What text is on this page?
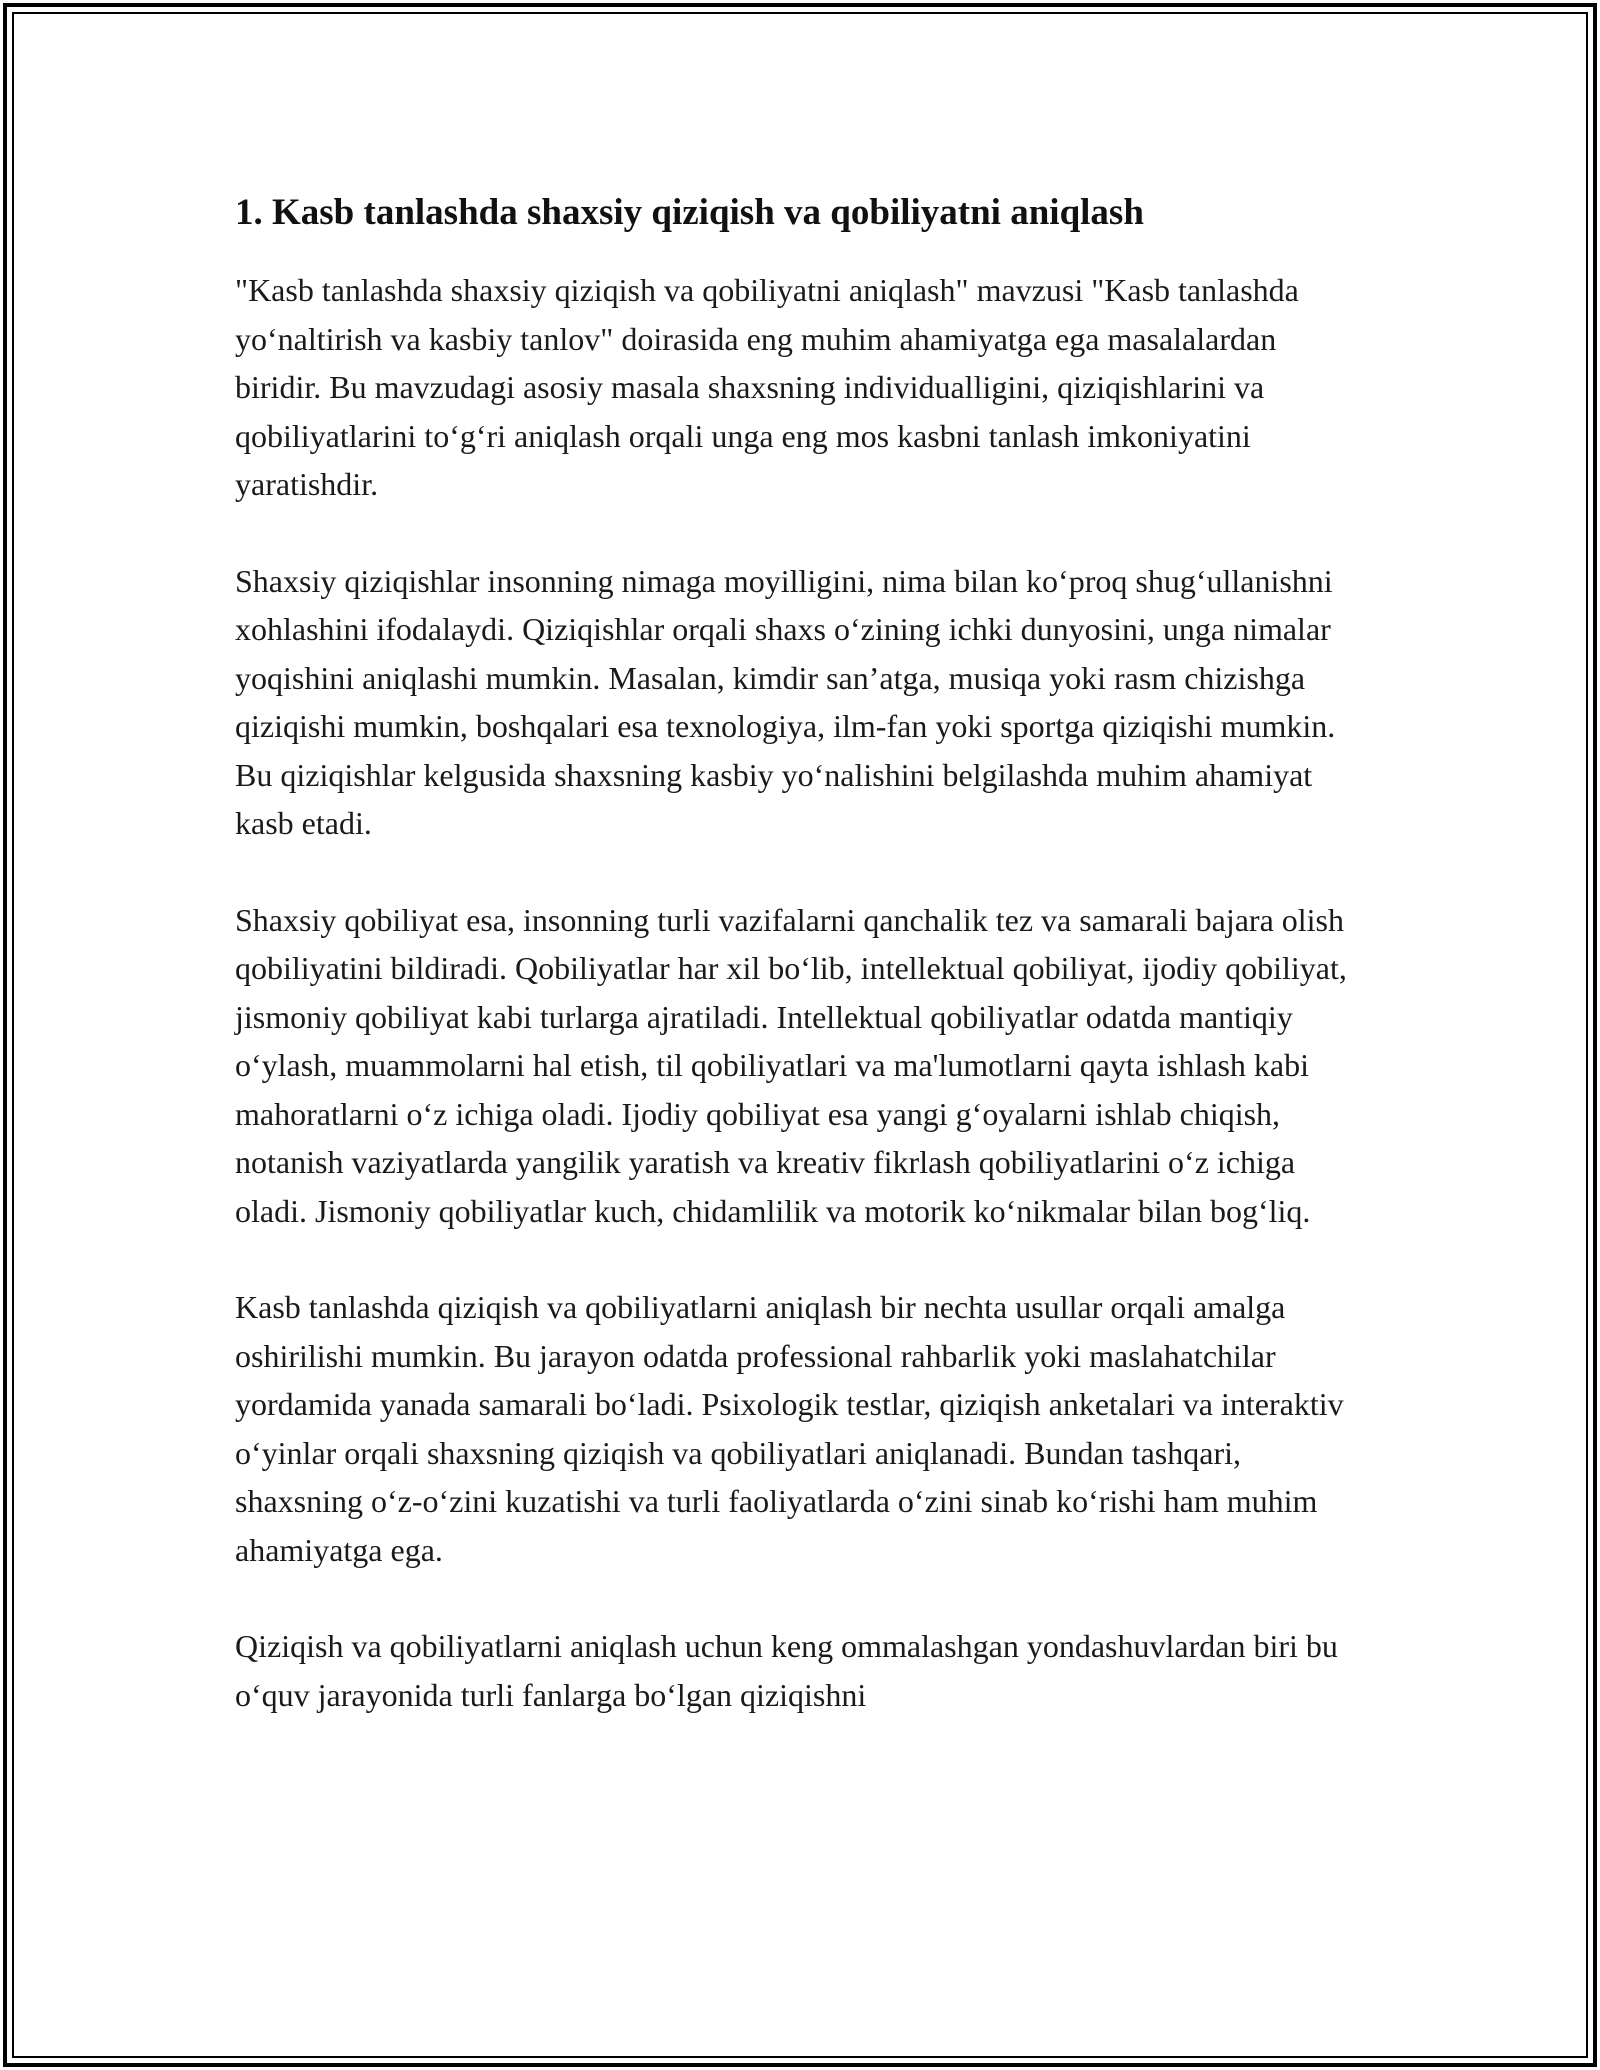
1. Kasb tanlashda shaxsiy qiziqish va qobiliyatni aniqlash

"Kasb tanlashda shaxsiy qiziqish va qobiliyatni aniqlash" mavzusi "Kasb tanlashda yo‘naltirish va kasbiy tanlov" doirasida eng muhim ahamiyatga ega masalalardan biridir. Bu mavzudagi asosiy masala shaxsning individualligini, qiziqishlarini va qobiliyatlarini to‘g‘ri aniqlash orqali unga eng mos kasbni tanlash imkoniyatini yaratishdir.

Shaxsiy qiziqishlar insonning nimaga moyilligini, nima bilan ko‘proq shug‘ullanishni xohlashini ifodalaydi. Qiziqishlar orqali shaxs o‘zining ichki dunyosini, unga nimalar yoqishini aniqlashi mumkin. Masalan, kimdir san’atga, musiqa yoki rasm chizishga qiziqishi mumkin, boshqalari esa texnologiya, ilm-fan yoki sportga qiziqishi mumkin. Bu qiziqishlar kelgusida shaxsning kasbiy yo‘nalishini belgilashda muhim ahamiyat kasb etadi.

Shaxsiy qobiliyat esa, insonning turli vazifalarni qanchalik tez va samarali bajara olish qobiliyatini bildiradi. Qobiliyatlar har xil bo‘lib, intellektual qobiliyat, ijodiy qobiliyat, jismoniy qobiliyat kabi turlarga ajratiladi. Intellektual qobiliyatlar odatda mantiqiy o‘ylash, muammolarni hal etish, til qobiliyatlari va ma'lumotlarni qayta ishlash kabi mahoratlarni o‘z ichiga oladi. Ijodiy qobiliyat esa yangi g‘oyalarni ishlab chiqish, notanish vaziyatlarda yangilik yaratish va kreativ fikrlash qobiliyatlarini o‘z ichiga oladi. Jismoniy qobiliyatlar kuch, chidamlilik va motorik ko‘nikmalar bilan bog‘liq.

Kasb tanlashda qiziqish va qobiliyatlarni aniqlash bir nechta usullar orqali amalga oshirilishi mumkin. Bu jarayon odatda professional rahbarlik yoki maslahatchilar yordamida yanada samarali bo‘ladi. Psixologik testlar, qiziqish anketalari va interaktiv o‘yinlar orqali shaxsning qiziqish va qobiliyatlari aniqlanadi. Bundan tashqari, shaxsning o‘z-o‘zini kuzatishi va turli faoliyatlarda o‘zini sinab ko‘rishi ham muhim ahamiyatga ega.

Qiziqish va qobiliyatlarni aniqlash uchun keng ommalashgan yondashuvlardan biri bu o‘quv jarayonida turli fanlarga bo‘lgan qiziqishni
